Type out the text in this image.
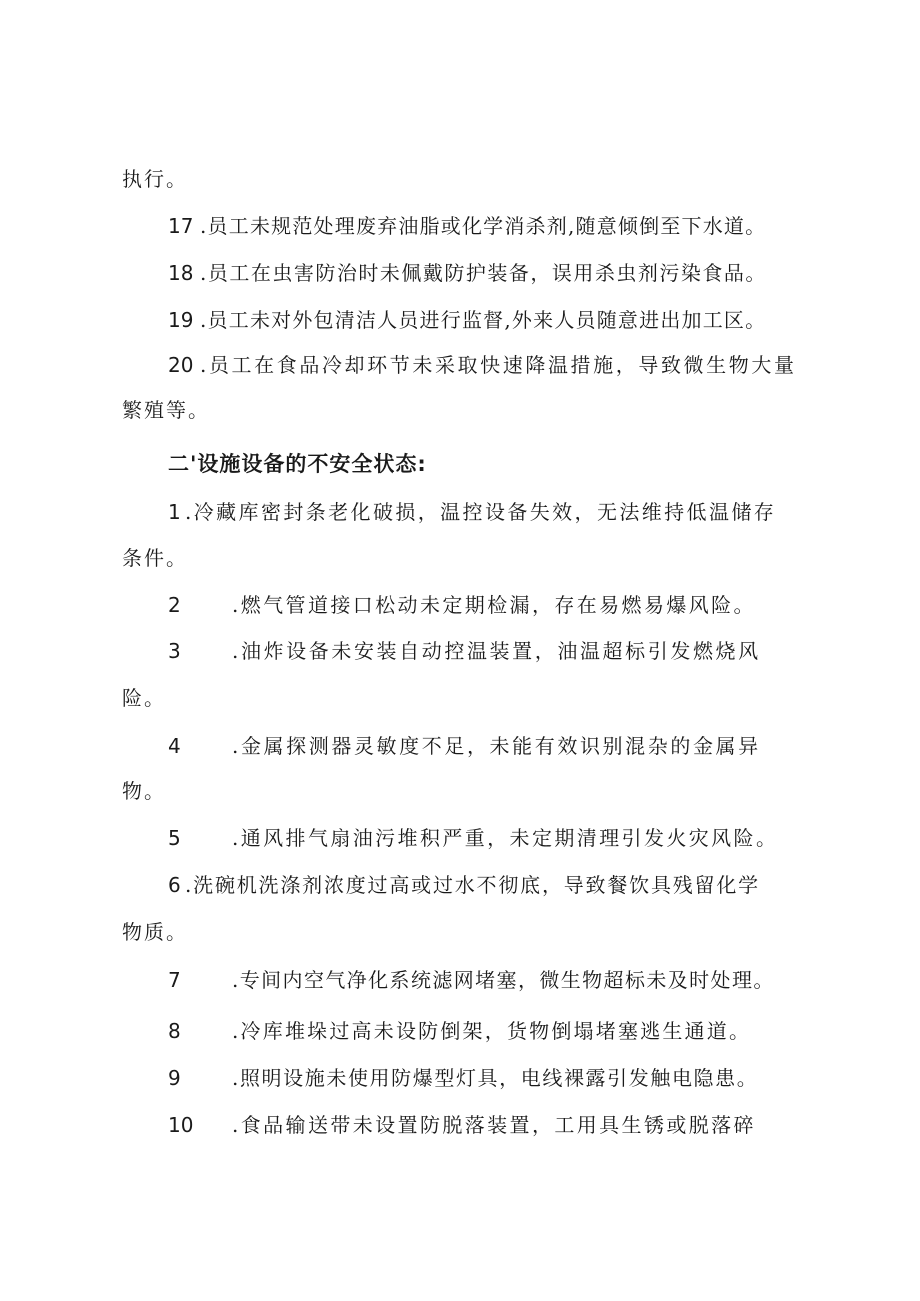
执行。
17 .员工未规范处理废弃油脂或化学消杀剂,随意倾倒至下水道。
18 .员工在虫害防治时未佩戴防护装备，误用杀虫剂污染食品。
19 .员工未对外包清洁人员进行监督,外来人员随意进出加工区。
20 .员工在食品冷却环节未采取快速降温措施，导致微生物大量
繁殖等。
二'设施设备的不安全状态:
1 .冷藏库密封条老化破损，温控设备失效，无法维持低温储存
条件。
2	.燃气管道接口松动未定期检漏，存在易燃易爆风险。
3	.油炸设备未安装自动控温装置，油温超标引发燃烧风
险。
4	.金属探测器灵敏度不足，未能有效识别混杂的金属异
物。
5	.通风排气扇油污堆积严重，未定期清理引发火灾风险。
6 .洗碗机洗涤剂浓度过高或过水不彻底，导致餐饮具残留化学
物质。
7	.专间内空气净化系统滤网堵塞，微生物超标未及时处理。
8	.冷库堆垛过高未设防倒架，货物倒塌堵塞逃生通道。
9	.照明设施未使用防爆型灯具，电线裸露引发触电隐患。
10 .食品输送带未设置防脱落装置，工用具生锈或脱落碎
